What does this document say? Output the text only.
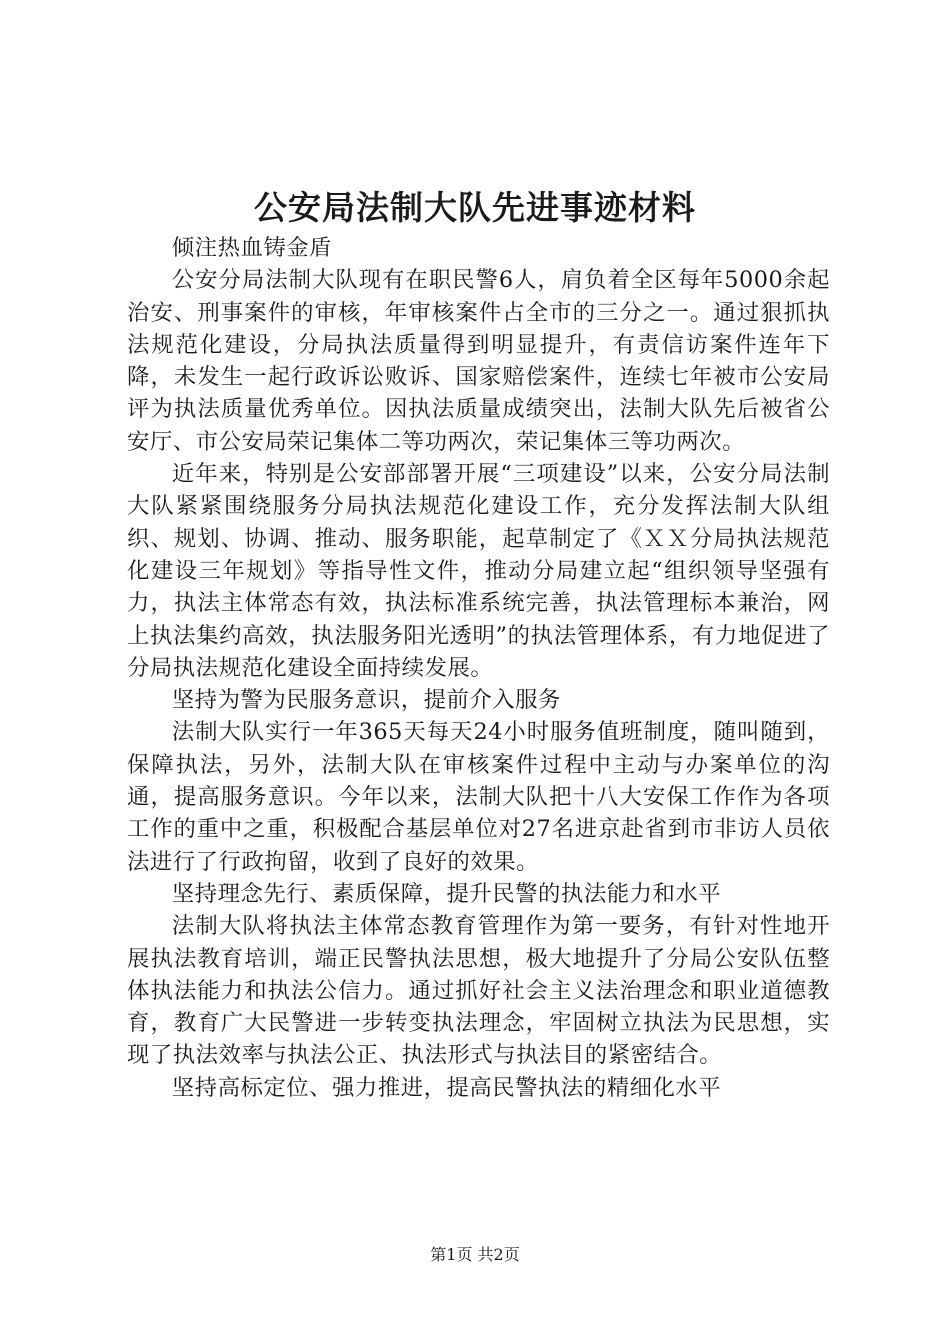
公安局法制大队先进事迹材料

倾注热血铸金盾

公安分局法制大队现有在职民警6人，肩负着全区每年5000余起治安、刑事案件的审核，年审核案件占全市的三分之一。通过狠抓执法规范化建设，分局执法质量得到明显提升，有责信访案件连年下降，未发生一起行政诉讼败诉、国家赔偿案件，连续七年被市公安局评为执法质量优秀单位。因执法质量成绩突出，法制大队先后被省公安厅、市公安局荣记集体二等功两次，荣记集体三等功两次。

近年来，特别是公安部部署开展“三项建设”以来，公安分局法制大队紧紧围绕服务分局执法规范化建设工作，充分发挥法制大队组织、规划、协调、推动、服务职能，起草制定了《ＸＸ分局执法规范化建设三年规划》等指导性文件，推动分局建立起“组织领导坚强有力，执法主体常态有效，执法标准系统完善，执法管理标本兼治，网上执法集约高效，执法服务阳光透明”的执法管理体系，有力地促进了分局执法规范化建设全面持续发展。

坚持为警为民服务意识，提前介入服务

法制大队实行一年365天每天24小时服务值班制度，随叫随到，保障执法，另外，法制大队在审核案件过程中主动与办案单位的沟通，提高服务意识。今年以来，法制大队把十八大安保工作作为各项工作的重中之重，积极配合基层单位对27名进京赴省到市非访人员依法进行了行政拘留，收到了良好的效果。

坚持理念先行、素质保障，提升民警的执法能力和水平

法制大队将执法主体常态教育管理作为第一要务，有针对性地开展执法教育培训，端正民警执法思想，极大地提升了分局公安队伍整体执法能力和执法公信力。通过抓好社会主义法治理念和职业道德教育，教育广大民警进一步转变执法理念，牢固树立执法为民思想，实现了执法效率与执法公正、执法形式与执法目的紧密结合。

坚持高标定位、强力推进，提高民警执法的精细化水平

第1页 共2页
